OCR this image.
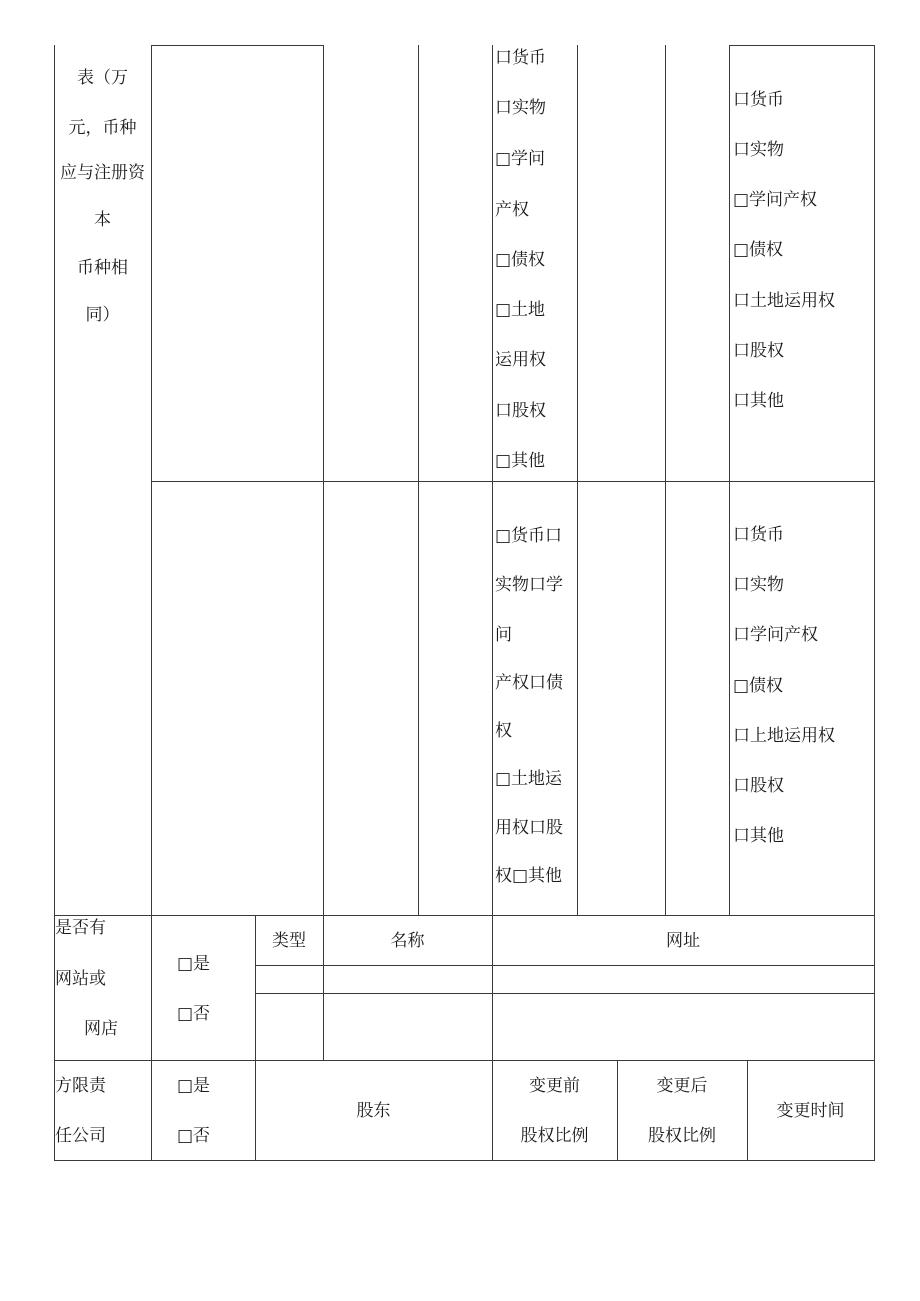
表（万
元，币种
应与注册资
本
币种相
同）
口货币
口实物
□学问
产权
□债权
□土地
运用权
口股权
□其他
口货币
口实物
□学问产权
□债权
口土地运用权
口股权
口其他
□货币口
实物口学
问
产权口债
权
□土地运
用权口股
权□其他
口货币
口实物
口学问产权
□债权
口上地运用权
口股权
口其他
是否有
网站或
网店
□是
□否
类型	名称	网址
方限责
任公司
□是
□否
股东
变更前
股权比例
变更后
股权比例
变更时间
